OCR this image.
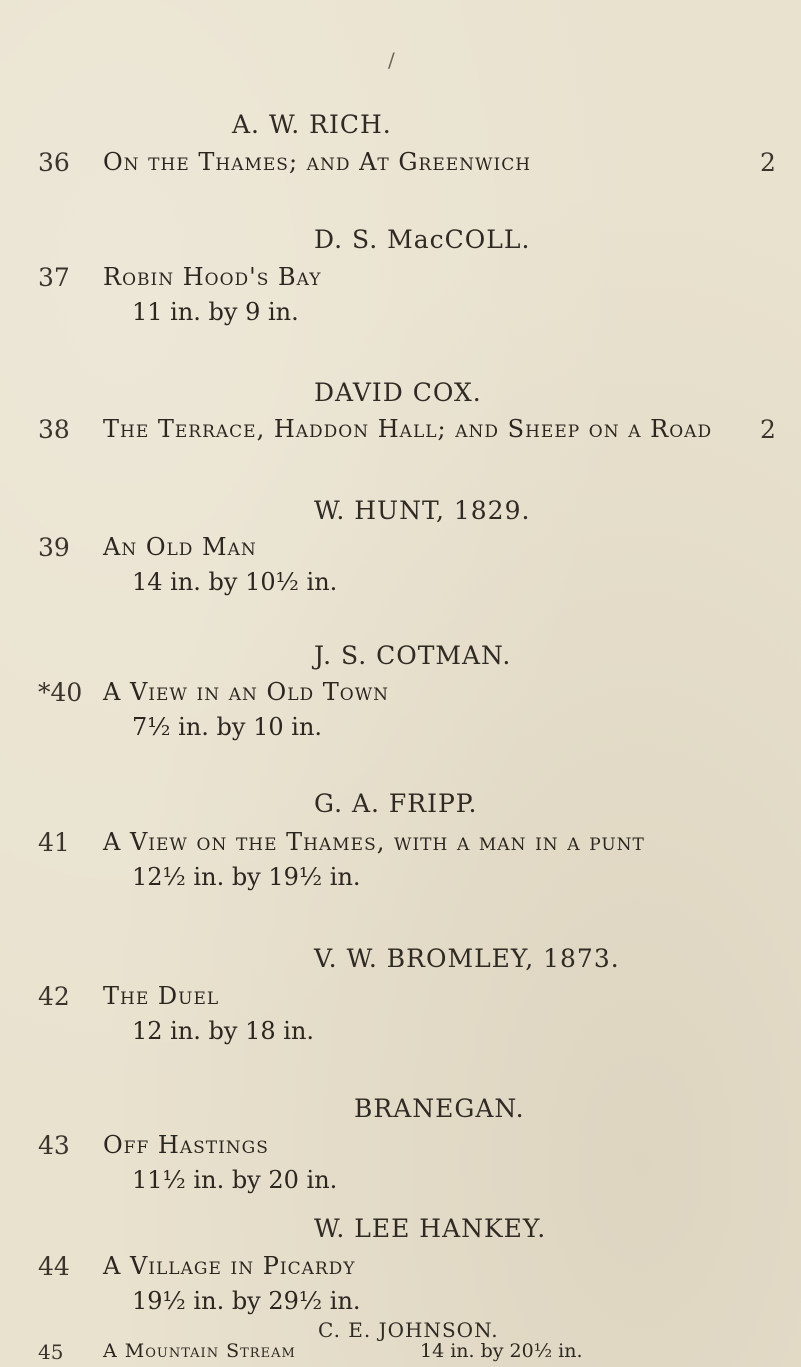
/
A. W. RICH.
36 On the Thames; and At Greenwich	2
D. S. MacCOLL.
37 Robin Hood's Bay
11 in. by 9 in.
DAVID COX.
38 The Terrace, Haddon Hall; and Sheep on a Road 2
W. HUNT, 1829.
39 An Old Man
14 in. by 10½ in.
J. S. COTMAN.
*40 A View in an Old Town
7½ in. by 10 in.
G. A. FRIPP.
41 A View on the Thames, with a man in a punt
12½ in. by 19½ in.
V. W. BROMLEY, 1873.
42 The Duel
12 in. by 18 in.
BRANEGAN.
43 Off Hastings
11½ in. by 20 in.
W. LEE HANKEY.
44 A Village in Picardy
19½ in. by 29½ in.
C. E. JOHNSON.
45 A Mountain Stream	14 in. by 20½ in.
